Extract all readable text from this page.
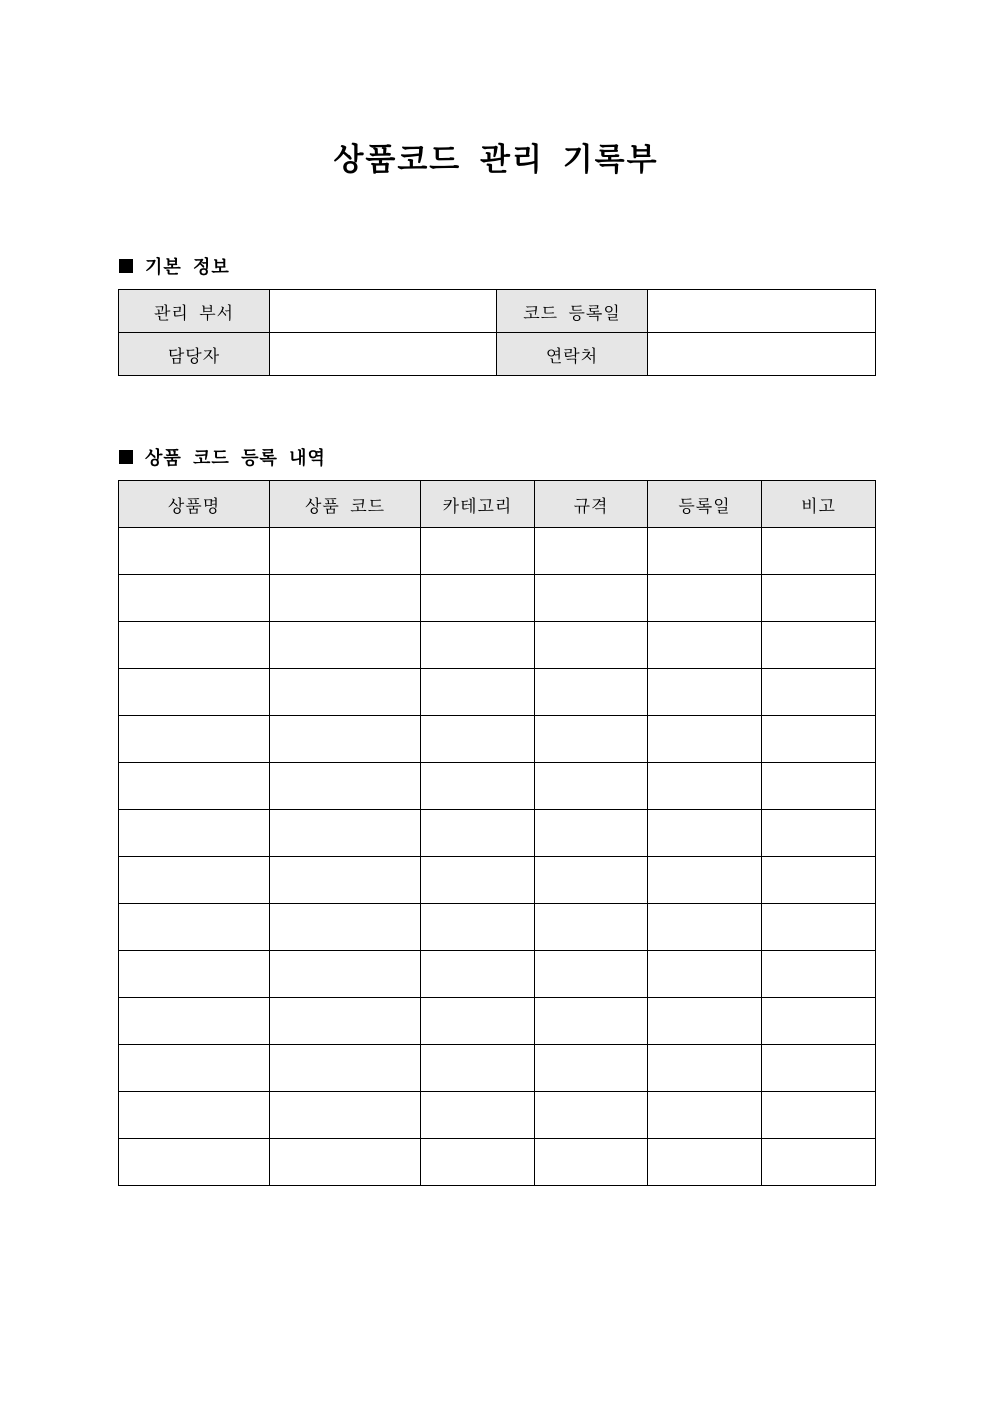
상품코드 관리 기록부
기본 정보
관리 부서		코드 등록일	
담당자		연락처	
상품 코드 등록 내역
상품명	상품 코드	카테고리	규격	등록일	비고
